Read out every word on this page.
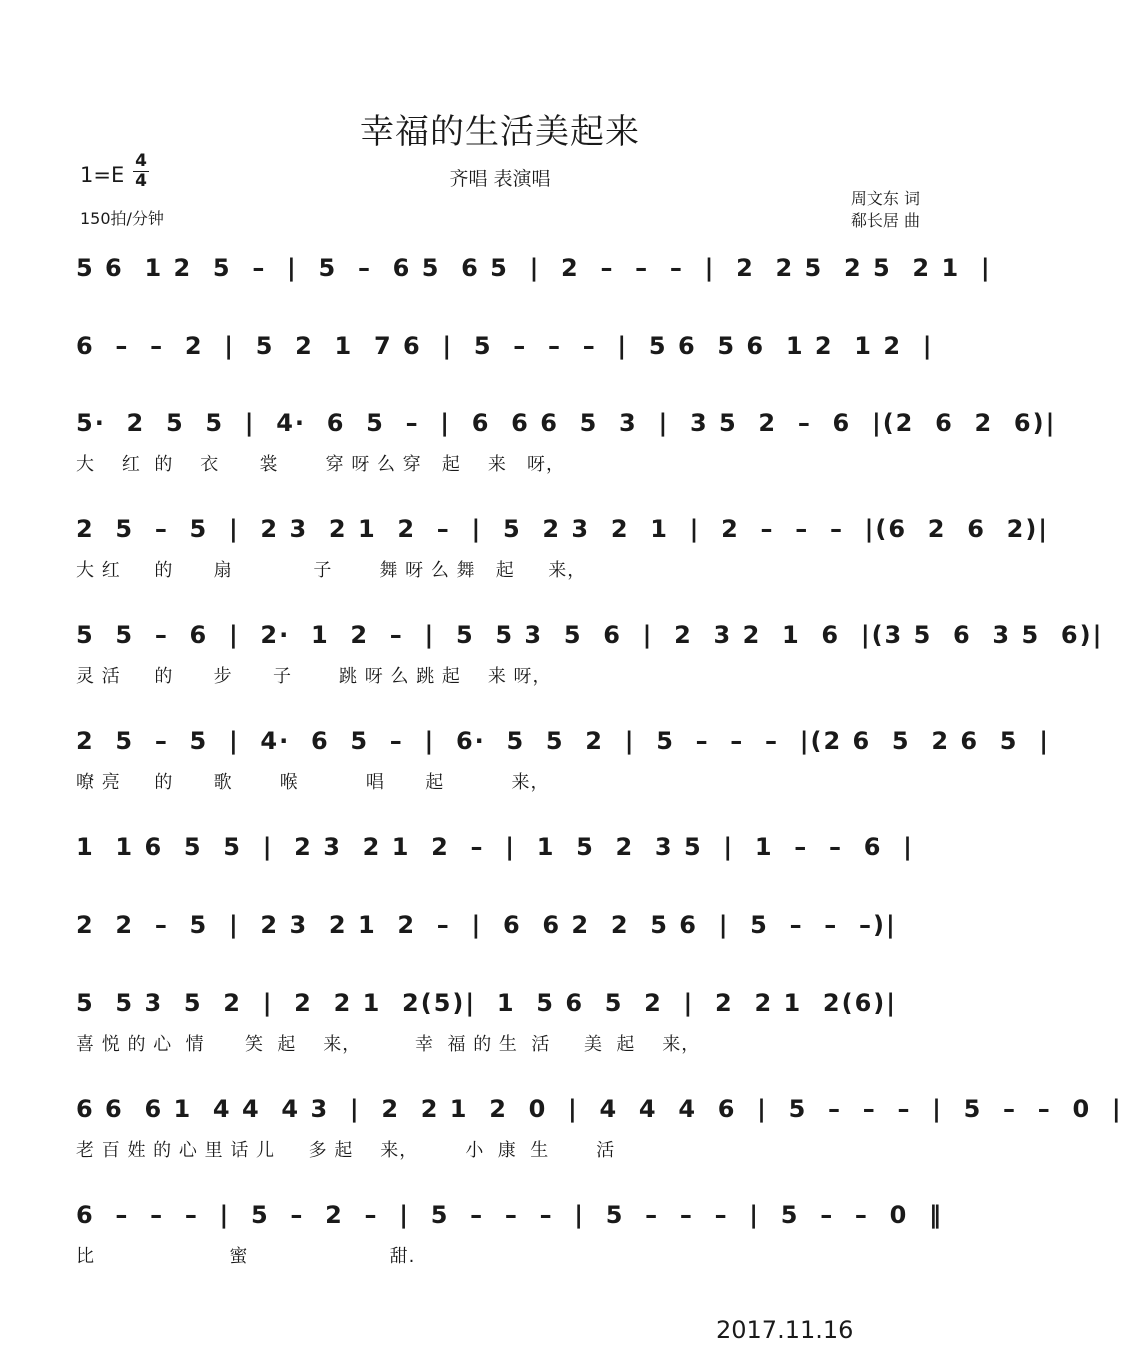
幸福的生活美起来
齐唱 表演唱
1=E
4
4
150拍/分钟
周文东 词
郗长居 曲
5 6  1 2  5  –  |  5  –  6 5  6 5  |  2  –  –  –  |  2  2 5  2 5  2 1  |
6  –  –  2  |  5  2  1  7 6  |  5  –  –  –  |  5 6  5 6  1 2  1 2  |
5·  2  5  5  |  4·  6  5  –  |  6  6 6  5  3  |  3 5  2  –  6  |(2  6  2  6)|
大    红  的    衣      裳       穿 呀 么 穿   起    来   呀，
2  5  –  5  |  2 3  2 1  2  –  |  5  2 3  2  1  |  2  –  –  –  |(6  2  6  2)|
大 红     的      扇            子       舞 呀 么 舞   起     来，
5  5  –  6  |  2·  1  2  –  |  5  5 3  5  6  |  2  3 2  1  6  |(3 5  6  3 5  6)|
灵 活     的      步      子       跳 呀 么 跳 起    来 呀，
2  5  –  5  |  4·  6  5  –  |  6·  5  5  2  |  5  –  –  –  |(2 6  5  2 6  5  |
嘹 亮     的      歌       喉          唱      起          来，
1  1 6  5  5  |  2 3  2 1  2  –  |  1  5  2  3 5  |  1  –  –  6  |
2  2  –  5  |  2 3  2 1  2  –  |  6  6 2  2  5 6  |  5  –  –  –)|
5  5 3  5  2  |  2  2 1  2(5)|  1  5 6  5  2  |  2  2 1  2(6)|
喜 悦 的 心  情      笑  起    来，        幸  福 的 生  活     美  起    来，
6 6  6 1  4 4  4 3  |  2  2 1  2  0  |  4  4  4  6  |  5  –  –  –  |  5  –  –  0  |
老 百 姓 的 心 里 话 儿     多 起    来，       小  康  生       活
6  –  –  –  |  5  –  2  –  |  5  –  –  –  |  5  –  –  –  |  5  –  –  0  ‖
比                    蜜                     甜.
2017.11.16
